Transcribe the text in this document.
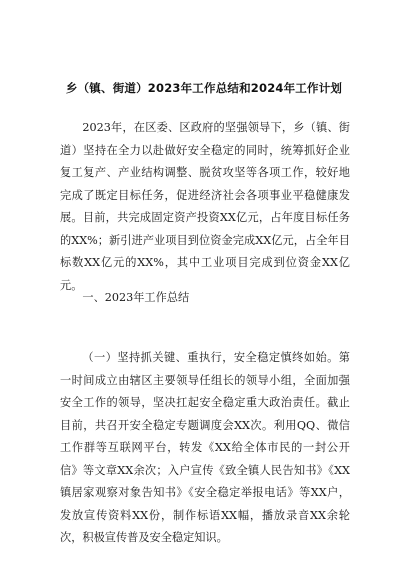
乡（镇、街道）2023年工作总结和2024年工作计划

2023年，在区委、区政府的坚强领导下，乡（镇、街道）坚持在全力以赴做好安全稳定的同时，统筹抓好企业复工复产、产业结构调整、脱贫攻坚等各项工作，较好地完成了既定目标任务，促进经济社会各项事业平稳健康发展。目前，共完成固定资产投资XX亿元，占年度目标任务的XX%；新引进产业项目到位资金完成XX亿元，占全年目标数XX亿元的XX%，其中工业项目完成到位资金XX亿元。

一、2023年工作总结

（一）坚持抓关键、重执行，安全稳定慎终如始。第一时间成立由辖区主要领导任组长的领导小组，全面加强安全工作的领导，坚决扛起安全稳定重大政治责任。截止目前，共召开安全稳定专题调度会XX次。利用QQ、微信工作群等互联网平台，转发《XX给全体市民的一封公开信》等文章XX余次；入户宣传《致全镇人民告知书》《XX镇居家观察对象告知书》《安全稳定举报电话》等XX户，发放宣传资料XX份，制作标语XX幅，播放录音XX余轮次，积极宣传普及安全稳定知识。
